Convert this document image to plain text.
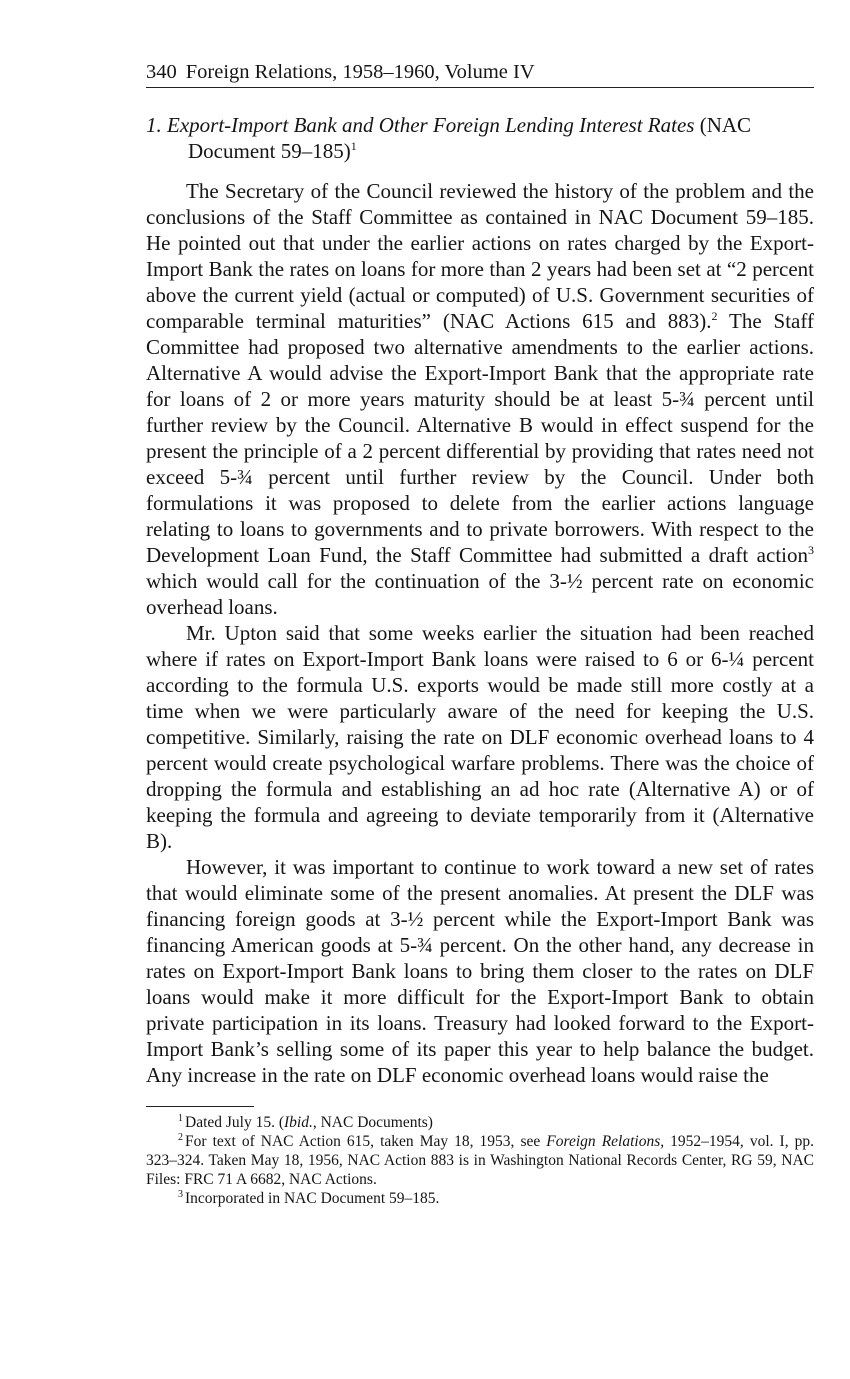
340 Foreign Relations, 1958–1960, Volume IV
1. Export-Import Bank and Other Foreign Lending Interest Rates (NAC Document 59–185)$^1$

The Secretary of the Council reviewed the history of the problem and the conclusions of the Staff Committee as contained in NAC Document 59–185. He pointed out that under the earlier actions on rates charged by the Export-Import Bank the rates on loans for more than 2 years had been set at “2 percent above the current yield (actual or computed) of U.S. Government securities of comparable terminal maturities” (NAC Actions 615 and 883).$^2$ The Staff Committee had proposed two alternative amendments to the earlier actions. Alternative A would advise the Export-Import Bank that the appropriate rate for loans of 2 or more years maturity should be at least 5-¾ percent until further review by the Council. Alternative B would in effect suspend for the present the principle of a 2 percent differential by providing that rates need not exceed 5-¾ percent until further review by the Council. Under both formulations it was proposed to delete from the earlier actions language relating to loans to governments and to private borrowers. With respect to the Development Loan Fund, the Staff Committee had submitted a draft action$^3$ which would call for the continuation of the 3-½ percent rate on economic overhead loans.

Mr. Upton said that some weeks earlier the situation had been reached where if rates on Export-Import Bank loans were raised to 6 or 6-¼ percent according to the formula U.S. exports would be made still more costly at a time when we were particularly aware of the need for keeping the U.S. competitive. Similarly, raising the rate on DLF economic overhead loans to 4 percent would create psychological warfare problems. There was the choice of dropping the formula and establishing an ad hoc rate (Alternative A) or of keeping the formula and agreeing to deviate temporarily from it (Alternative B).

However, it was important to continue to work toward a new set of rates that would eliminate some of the present anomalies. At present the DLF was financing foreign goods at 3-½ percent while the Export-Import Bank was financing American goods at 5-¾ percent. On the other hand, any decrease in rates on Export-Import Bank loans to bring them closer to the rates on DLF loans would make it more difficult for the Export-Import Bank to obtain private participation in its loans. Treasury had looked forward to the Export-Import Bank’s selling some of its paper this year to help balance the budget. Any increase in the rate on DLF economic overhead loans would raise the

$^1$ Dated July 15. (Ibid., NAC Documents)

$^2$ For text of NAC Action 615, taken May 18, 1953, see Foreign Relations, 1952–1954, vol. I, pp. 323–324. Taken May 18, 1956, NAC Action 883 is in Washington National Records Center, RG 59, NAC Files: FRC 71 A 6682, NAC Actions.

$^3$ Incorporated in NAC Document 59–185.
